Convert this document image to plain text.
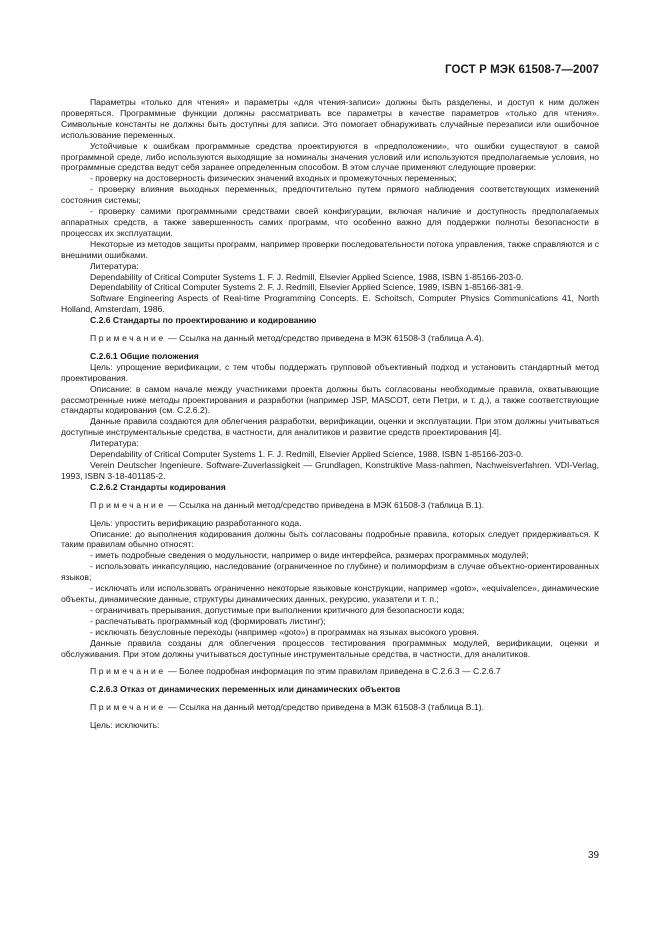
ГОСТ Р МЭК 61508-7—2007

Параметры «только для чтения» и параметры «для чтения-записи» должны быть разделены, и доступ к ним должен проверяться. Программные функции должны рассматривать все параметры в качестве параметров «только для чтения». Символьные константы не должны быть доступны для записи. Это помогает обнаруживать случайные перезаписи или ошибочное использование переменных.

Устойчивые к ошибкам программные средства проектируются в «предположении», что ошибки существуют в самой программной среде, либо используются выходящие за номиналы значения условий или используются предполагаемые условия, но программные средства ведут себя заранее определенным способом. В этом случае применяют следующие проверки:

- проверку на достоверность физических значений входных и промежуточных переменных;

- проверку влияния выходных переменных, предпочтительно путем прямого наблюдения соответствующих изменений состояния системы;

- проверку самими программными средствами своей конфигурации, включая наличие и доступность предполагаемых аппаратных средств, а также завершенность самих программ, что особенно важно для поддержки полноты безопасности в процессах их эксплуатации.

Некоторые из методов защиты программ, например проверки последовательности потока управления, также справляются и с внешними ошибками.

Литература:

Dependability of Critical Computer Systems 1. F. J. Redmill, Elsevier Applied Science, 1988, ISBN 1-85166-203-0.

Dependability of Critical Computer Systems 2. F. J. Redmill, Elsevier Applied Science, 1989, ISBN 1-85166-381-9.

Software Engineering Aspects of Real-time Programming Concepts. E. Schoitsch, Computer Physics Communications 41, North Holland, Amsterdam, 1986.

С.2.6 Стандарты по проектированию и кодированию

Примечание — Ссылка на данный метод/средство приведена в МЭК 61508-3 (таблица А.4).

С.2.6.1 Общие положения

Цель: упрощение верификации, с тем чтобы поддержать групповой объективный подход и установить стандартный метод проектирования.

Описание: в самом начале между участниками проекта должны быть согласованы необходимые правила, охватывающие рассмотренные ниже методы проектирования и разработки (например JSP, MASCOT, сети Петри, и т. д.), а также соответствующие стандарты кодирования (см. С.2.6.2).

Данные правила создаются для облегчения разработки, верификации, оценки и эксплуатации. При этом должны учитываться доступные инструментальные средства, в частности, для аналитиков и развитие средств проектирования [4].

Литература:

Dependability of Critical Computer Systems 1. F. J. Redmill, Elsevier Applied Science, 1988. ISBN 1-85166-203-0.

Verein Deutscher Ingenieure. Software-Zuverlassigkeit — Grundlagen, Konstruktive Mass-nahmen, Nachweisverfahren. VDI-Verlag, 1993, ISBN 3-18-401185-2.

С.2.6.2 Стандарты кодирования

Примечание — Ссылка на данный метод/средство приведена в МЭК 61508-3 (таблица В.1).

Цель: упростить верификацию разработанного кода.

Описание: до выполнения кодирования должны быть согласованы подробные правила, которых следует придерживаться. К таким правилам обычно относят:

- иметь подробные сведения о модульности, например о виде интерфейса, размерах программных модулей;

- использовать инкапсуляцию, наследование (ограниченное по глубине) и полиморфизм в случае объектно-ориентированных языков;

- исключать или использовать ограниченно некоторые языковые конструкции, например «goto», «equivalence», динамические объекты, динамические данные, структуры динамических данных, рекурсию, указатели и т. п.;

- ограничивать прерывания, допустимые при выполнении критичного для безопасности кода;

- распечатывать программный код (формировать листинг);

- исключать безусловные переходы (например «goto») в программах на языках высокого уровня.

Данные правила созданы для облегчения процессов тестирования программных модулей, верификации, оценки и обслуживания. При этом должны учитываться доступные инструментальные средства, в частности, для аналитиков.

Примечание — Более подробная информация по этим правилам приведена в С.2.6.3 — С.2.6.7

С.2.6.3 Отказ от динамических переменных или динамических объектов

Примечание — Ссылка на данный метод/средство приведена в МЭК 61508-3 (таблица В.1).

Цель: исключить:

39
